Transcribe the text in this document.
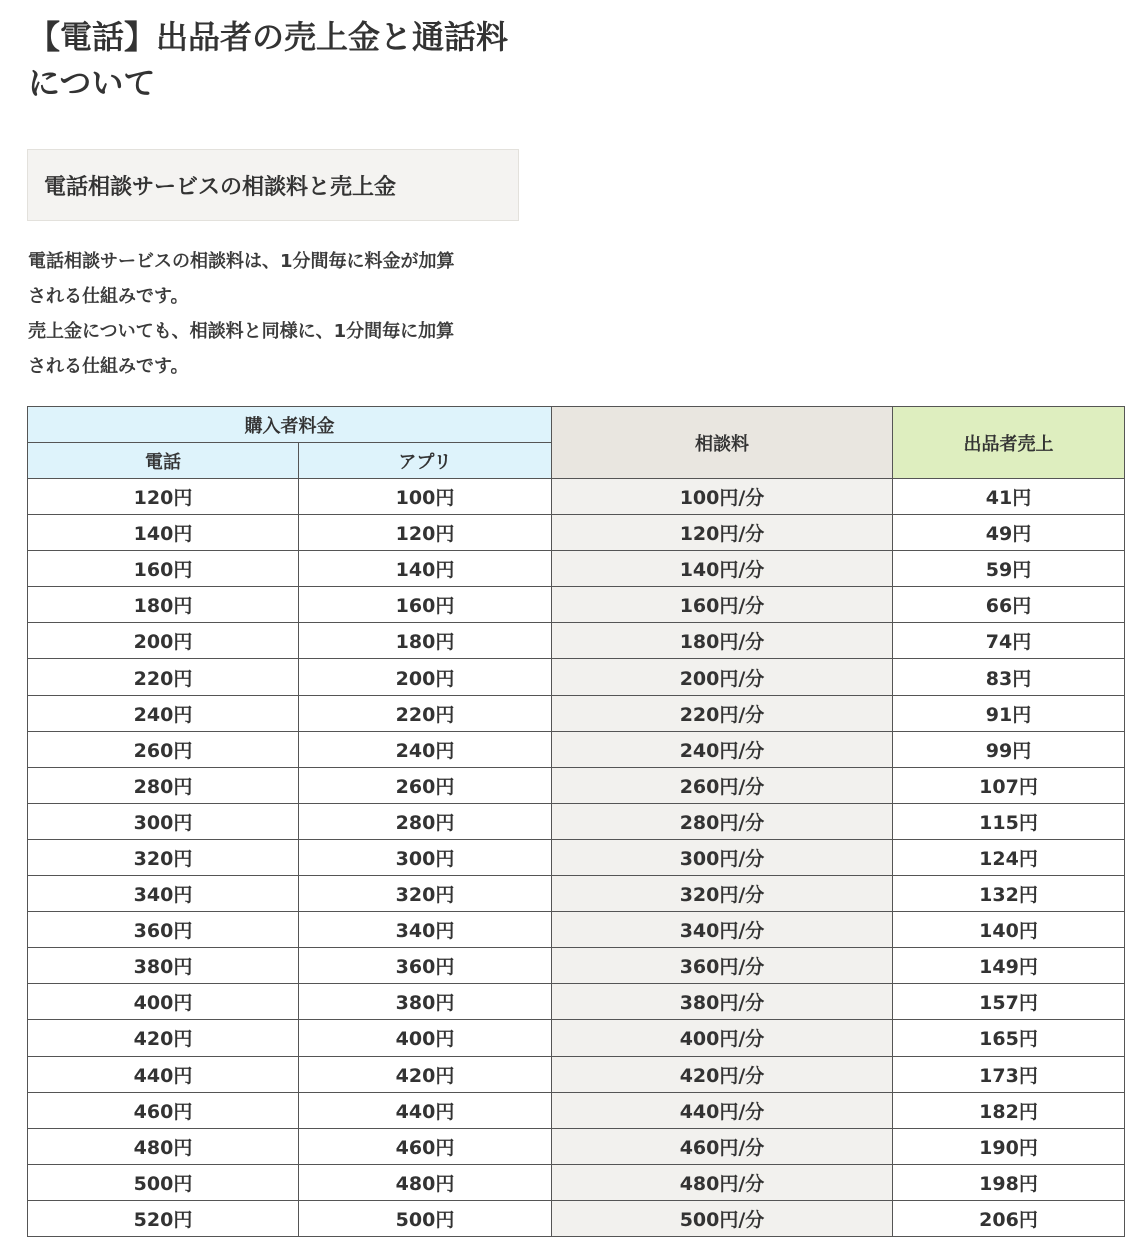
【電話】出品者の売上金と通話料について
電話相談サービスの相談料と売上金

電話相談サービスの相談料は、1分間毎に料金が加算
される仕組みです。
売上金についても、相談料と同様に、1分間毎に加算
される仕組みです。

購入者料金		相談料	出品者売上
電話	アプリ		
120円	100円	100円/分	41円
140円	120円	120円/分	49円
160円	140円	140円/分	59円
180円	160円	160円/分	66円
200円	180円	180円/分	74円
220円	200円	200円/分	83円
240円	220円	220円/分	91円
260円	240円	240円/分	99円
280円	260円	260円/分	107円
300円	280円	280円/分	115円
320円	300円	300円/分	124円
340円	320円	320円/分	132円
360円	340円	340円/分	140円
380円	360円	360円/分	149円
400円	380円	380円/分	157円
420円	400円	400円/分	165円
440円	420円	420円/分	173円
460円	440円	440円/分	182円
480円	460円	460円/分	190円
500円	480円	480円/分	198円
520円	500円	500円/分	206円
